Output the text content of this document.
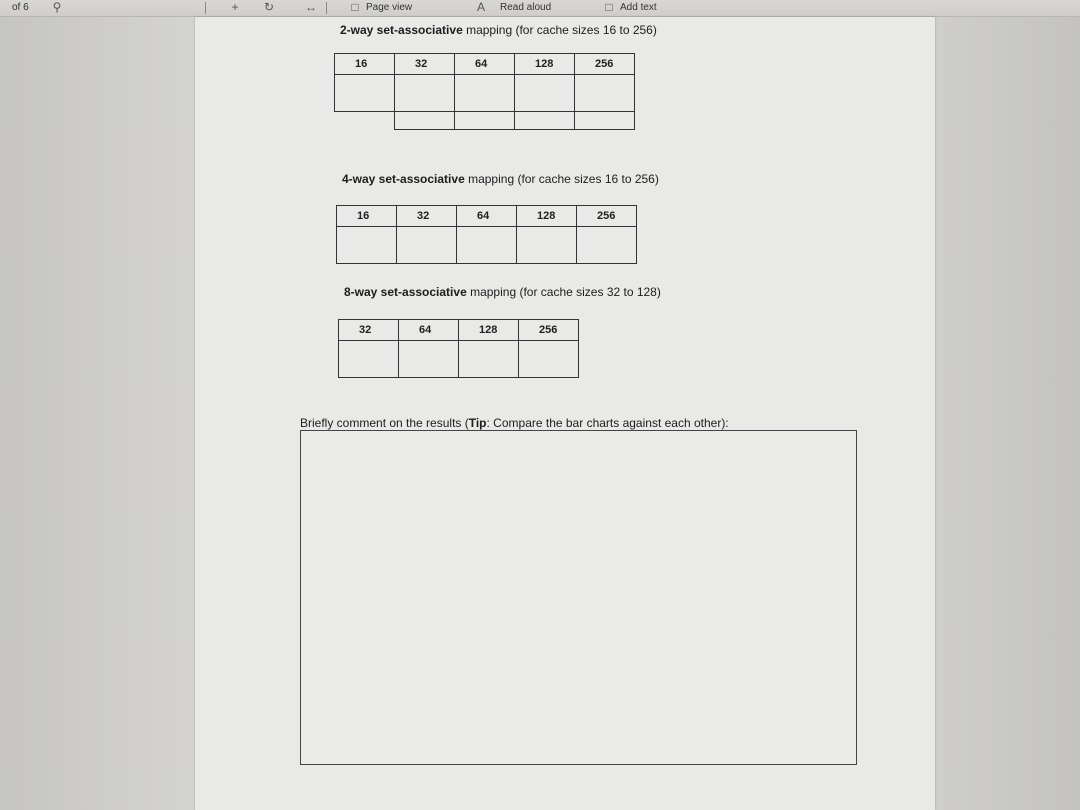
of 6 ⚲	+ ↻	↔	□ Page view	A	Read aloud	□ Add text
2-way set-associative mapping (for cache sizes 16 to 256)
16	32	64	128	256

4-way set-associative mapping (for cache sizes 16 to 256)
16	32	64	128	256

8-way set-associative mapping (for cache sizes 32 to 128)
32	64	128	256

Briefly comment on the results (Tip: Compare the bar charts against each other):
